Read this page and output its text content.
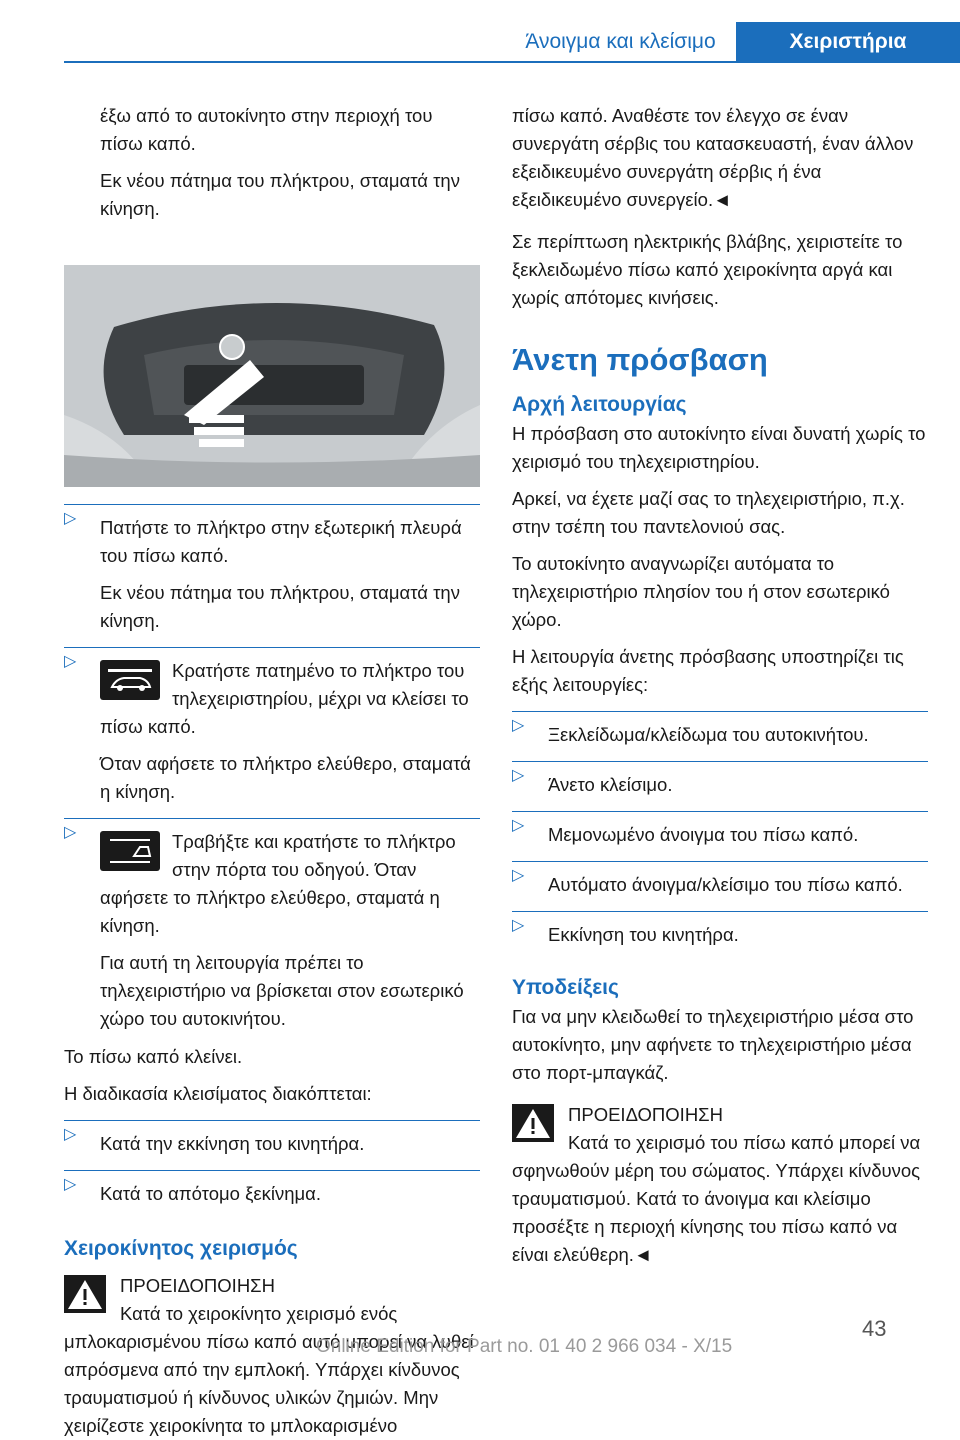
Άνοιγμα και κλείσιμο	Χειριστήρια

έξω από το αυτοκίνητο στην περιοχή του πίσω καπό.

Εκ νέου πάτημα του πλήκτρου, σταματά την κίνηση.

▷ Πατήστε το πλήκτρο στην εξωτερική πλευρά του πίσω καπό.

Εκ νέου πάτημα του πλήκτρου, σταματά την κίνηση.

▷	Κρατήστε πατημένο το πλήκτρο του τηλεχειριστηρίου, μέχρι να κλείσει το πίσω καπό.

Όταν αφήσετε το πλήκτρο ελεύθερο, σταματά η κίνηση.

▷	Τραβήξτε και κρατήστε το πλήκτρο στην πόρτα του οδηγού. Όταν αφήσετε το πλήκτρο ελεύθερο, σταματά η κίνηση.

Για αυτή τη λειτουργία πρέπει το τηλεχειριστήριο να βρίσκεται στον εσωτερικό χώρο του αυτοκινήτου.

Το πίσω καπό κλείνει.

Η διαδικασία κλεισίματος διακόπτεται:

▷ Κατά την εκκίνηση του κινητήρα.

▷ Κατά το απότομο ξεκίνημα.

Χειροκίνητος χειρισμός

ΠΡΟΕΙΔΟΠΟΙΗΣΗ

Κατά το χειροκίνητο χειρισμό ενός μπλοκαρισμένου πίσω καπό αυτό μπορεί να λυθεί απρόσμενα από την εμπλοκή. Υπάρχει κίνδυνος τραυματισμού ή κίνδυνος υλικών ζημιών. Μην χειρίζεστε χειροκίνητα το μπλοκαρισμένο

πίσω καπό. Αναθέστε τον έλεγχο σε έναν συνεργάτη σέρβις του κατασκευαστή, έναν άλλον εξειδικευμένο συνεργάτη σέρβις ή ένα εξειδικευμένο συνεργείο.◄

Σε περίπτωση ηλεκτρικής βλάβης, χειριστείτε το ξεκλειδωμένο πίσω καπό χειροκίνητα αργά και χωρίς απότομες κινήσεις.

Άνετη πρόσβαση
Αρχή λειτουργίας

Η πρόσβαση στο αυτοκίνητο είναι δυνατή χωρίς το χειρισμό του τηλεχειριστηρίου.

Αρκεί, να έχετε μαζί σας το τηλεχειριστήριο, π.χ. στην τσέπη του παντελονιού σας.

Το αυτοκίνητο αναγνωρίζει αυτόματα το τηλεχειριστήριο πλησίον του ή στον εσωτερικό χώρο.

Η λειτουργία άνετης πρόσβασης υποστηρίζει τις εξής λειτουργίες:

▷ Ξεκλείδωμα/κλείδωμα του αυτοκινήτου.

▷ Άνετο κλείσιμο.

▷ Μεμονωμένο άνοιγμα του πίσω καπό.

▷ Αυτόματο άνοιγμα/κλείσιμο του πίσω καπό.

▷ Εκκίνηση του κινητήρα.

Υποδείξεις

Για να μην κλειδωθεί το τηλεχειριστήριο μέσα στο αυτοκίνητο, μην αφήνετε το τηλεχειριστήριο μέσα στο πορτ-μπαγκάζ.

ΠΡΟΕΙΔΟΠΟΙΗΣΗ

Κατά το χειρισμό του πίσω καπό μπορεί να σφηνωθούν μέρη του σώματος. Υπάρχει κίνδυνος τραυματισμού. Κατά το άνοιγμα και κλείσιμο προσέξτε η περιοχή κίνησης του πίσω καπό να είναι ελεύθερη.◄

Online Edition for Part no. 01 40 2 966 034 - X/15
43
